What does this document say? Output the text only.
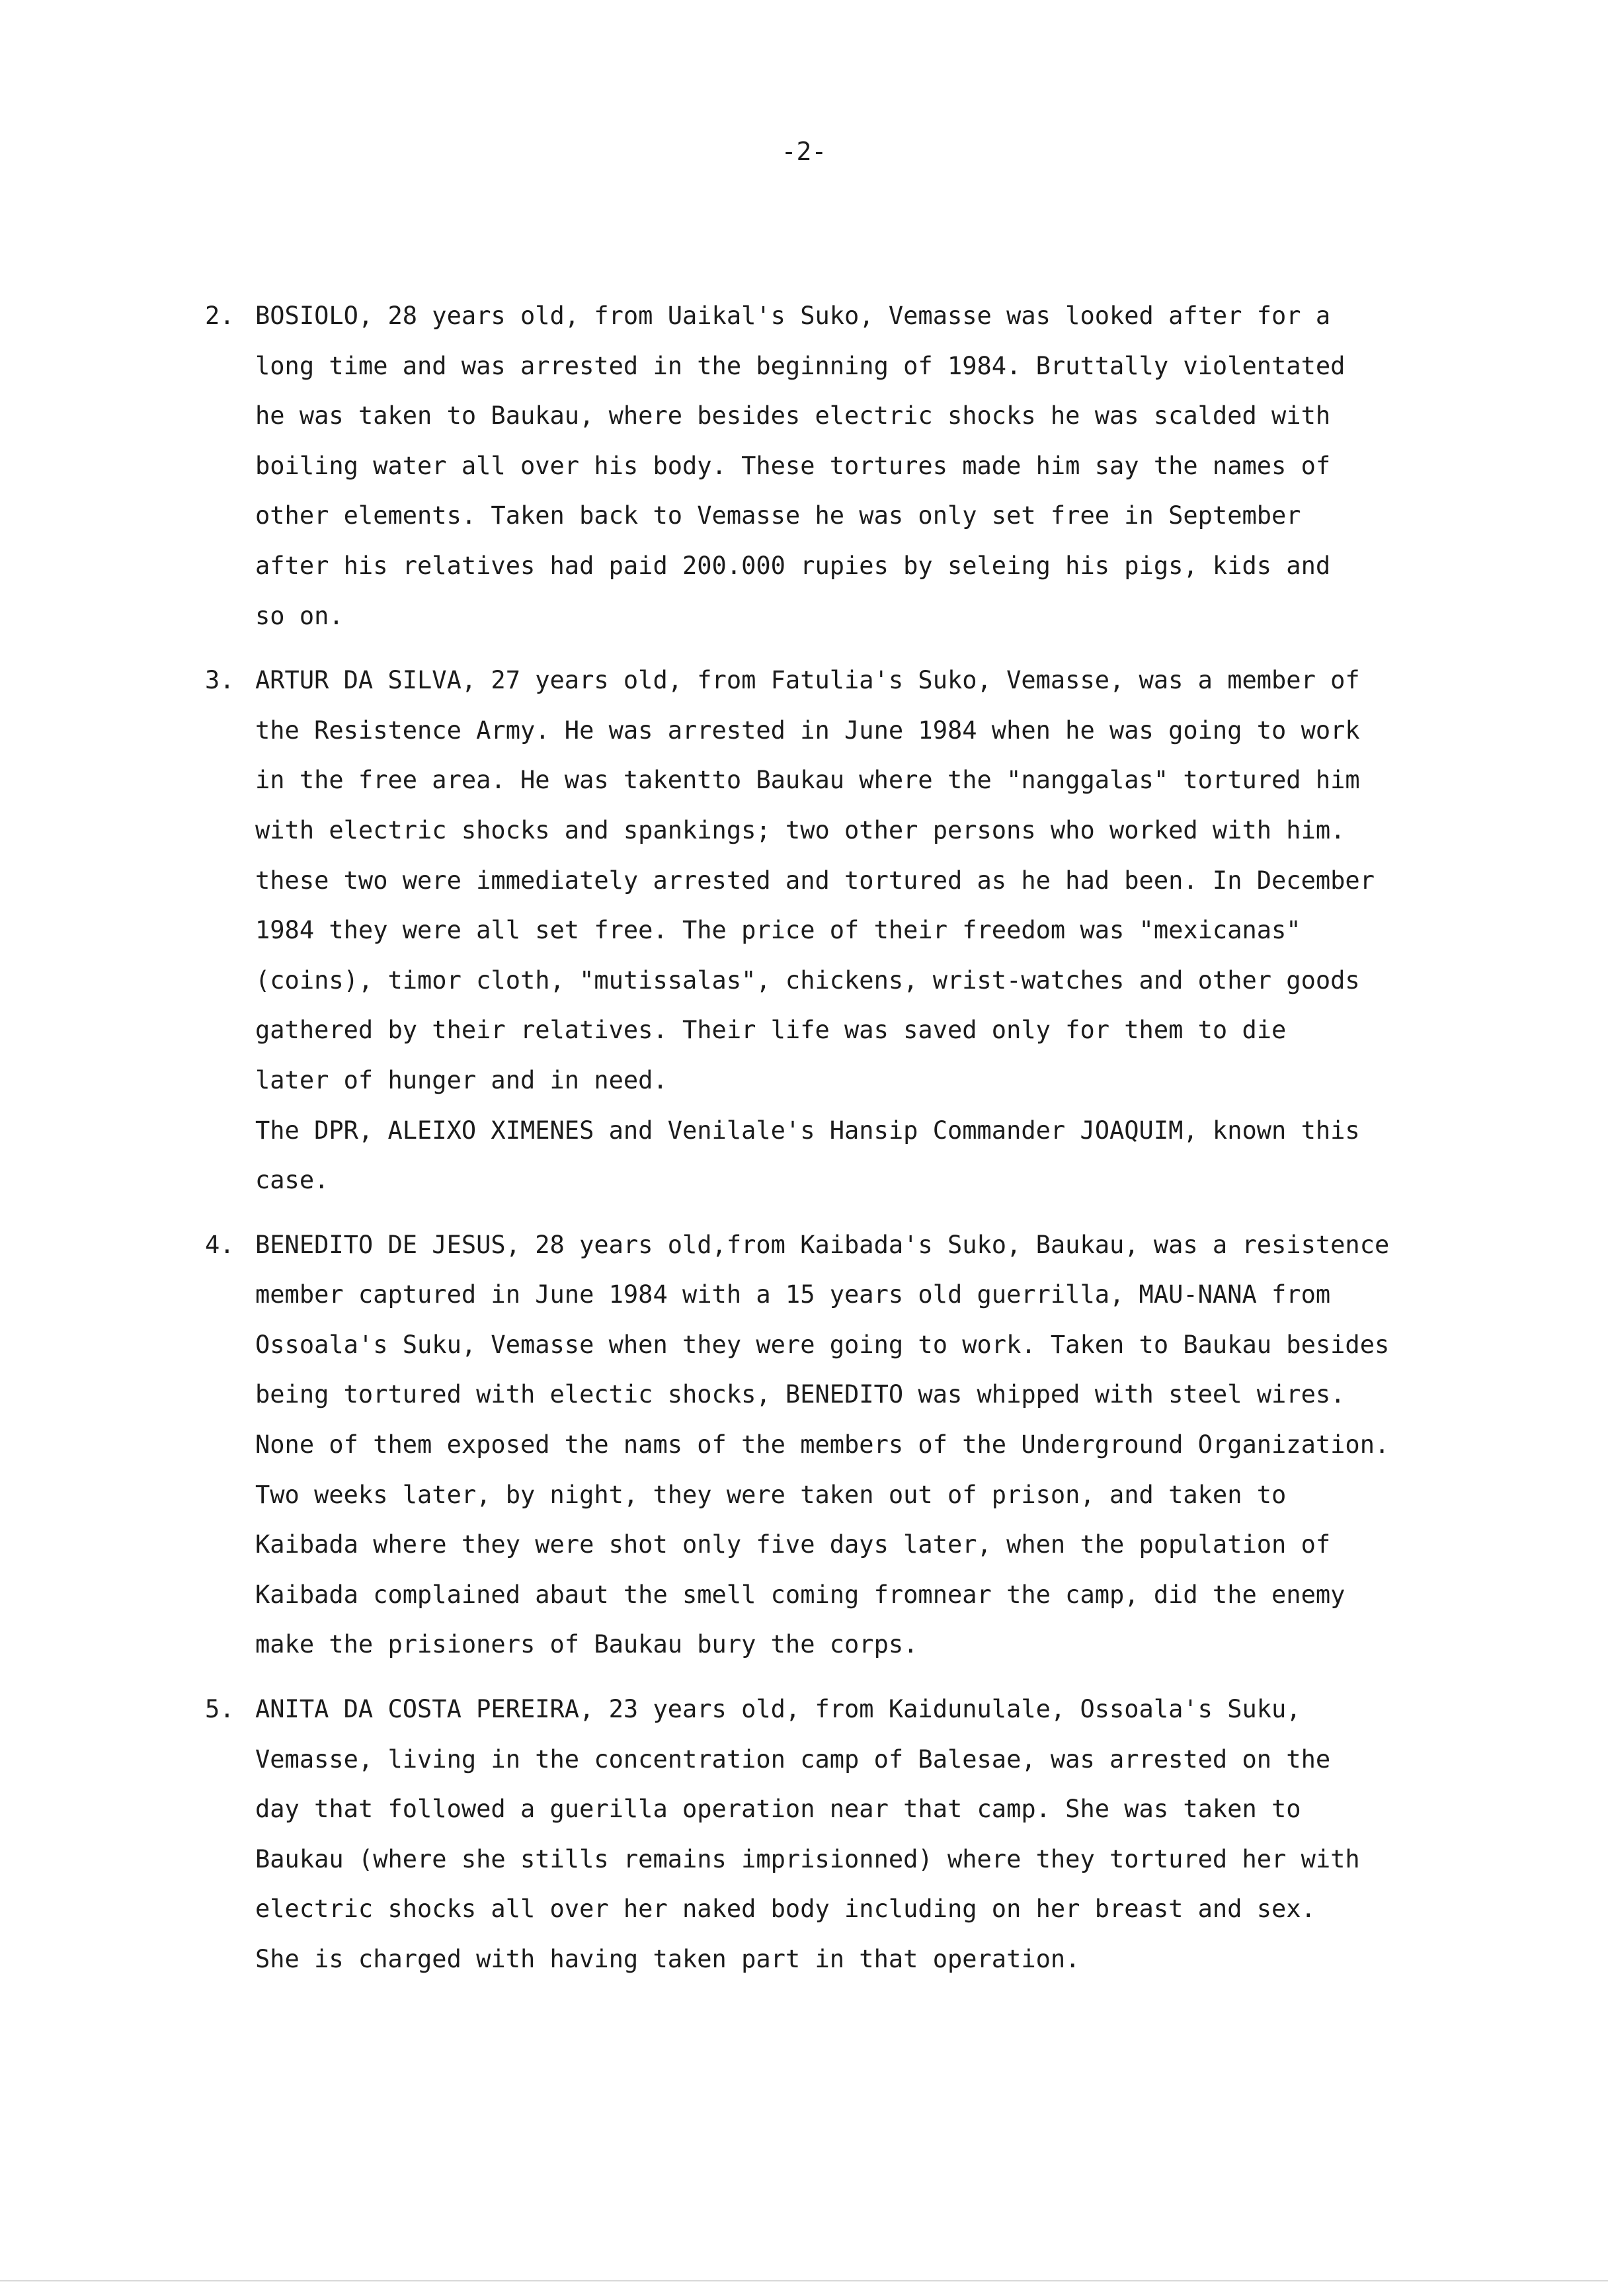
-2-
2. BOSIOLO, 28 years old, from Uaikal's Suko, Vemasse was looked after for a
long time and was arrested in the beginning of 1984. Bruttally violentated
he was taken to Baukau, where besides electric shocks he was scalded with
boiling water all over his body. These tortures made him say the names of
other elements. Taken back to Vemasse he was only set free in September
after his relatives had paid 200.000 rupies by seleing his pigs, kids and
so on.
3. ARTUR DA SILVA, 27 years old, from Fatulia's Suko, Vemasse, was a member of
the Resistence Army. He was arrested in June 1984 when he was going to work
in the free area. He was takentto Baukau where the "nanggalas" tortured him
with electric shocks and spankings; two other persons who worked with him.
these two were immediately arrested and tortured as he had been. In December
1984 they were all set free. The price of their freedom was "mexicanas"
(coins), timor cloth, "mutissalas", chickens, wrist-watches and other goods
gathered by their relatives. Their life was saved only for them to die
later of hunger and in need.
The DPR, ALEIXO XIMENES and Venilale's Hansip Commander JOAQUIM, known this
case.
4. BENEDITO DE JESUS, 28 years old,from Kaibada's Suko, Baukau, was a resistence
member captured in June 1984 with a 15 years old guerrilla, MAU-NANA from
Ossoala's Suku, Vemasse when they were going to work. Taken to Baukau besides
being tortured with electic shocks, BENEDITO was whipped with steel wires.
None of them exposed the nams of the members of the Underground Organization.
Two weeks later, by night, they were taken out of prison, and taken to
Kaibada where they were shot only five days later, when the population of
Kaibada complained abaut the smell coming fromnear the camp, did the enemy
make the prisioners of Baukau bury the corps.
5. ANITA DA COSTA PEREIRA, 23 years old, from Kaidunulale, Ossoala's Suku,
Vemasse, living in the concentration camp of Balesae, was arrested on the
day that followed a guerilla operation near that camp. She was taken to
Baukau (where she stills remains imprisionned) where they tortured her with
electric shocks all over her naked body including on her breast and sex.
She is charged with having taken part in that operation.
